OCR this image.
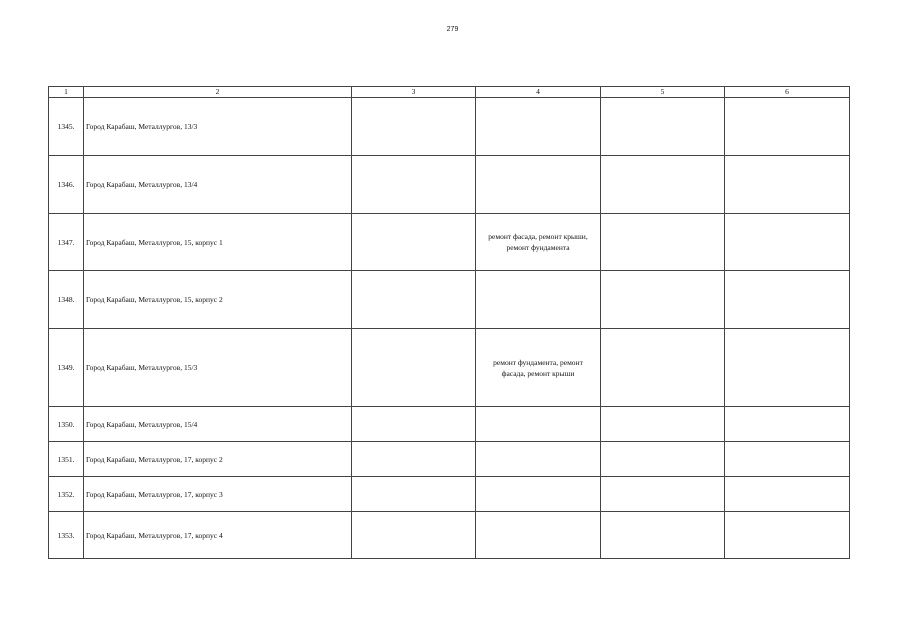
279
1	2	3	4	5	6
1345.	Город Карабаш, Металлургов, 13/3				
1346.	Город Карабаш, Металлургов, 13/4				
1347.	Город Карабаш, Металлургов, 15, корпус 1		ремонт фасада, ремонт крыши,
ремонт фундамента		

1348.	Город Карабаш, Металлургов, 15, корпус 2				
1349.	Город Карабаш, Металлургов, 15/3		ремонт фундамента, ремонт
фасада, ремонт крыши		

1350.	Город Карабаш, Металлургов, 15/4				
1351.	Город Карабаш, Металлургов, 17, корпус 2				
1352.	Город Карабаш, Металлургов, 17, корпус 3				
1353.	Город Карабаш, Металлургов, 17, корпус 4				
